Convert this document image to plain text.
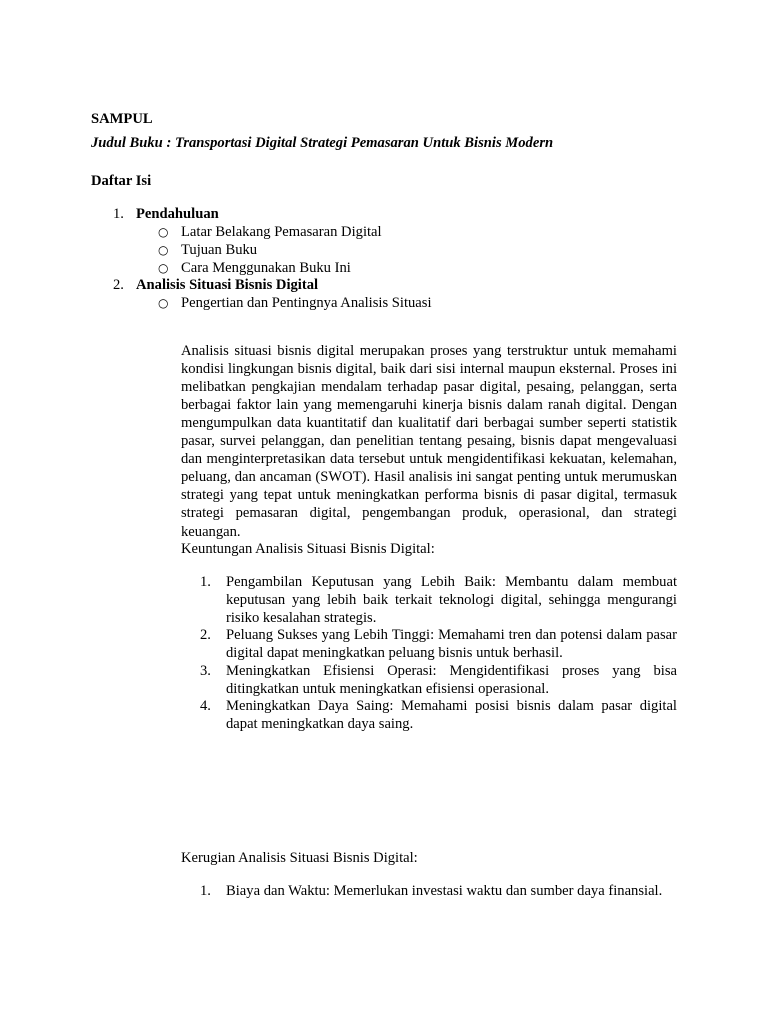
SAMPUL

Judul Buku : Transportasi Digital Strategi Pemasaran Untuk Bisnis Modern

Daftar Isi

1. Pendahuluan
○ Latar Belakang Pemasaran Digital
○ Tujuan Buku
○ Cara Menggunakan Buku Ini
2. Analisis Situasi Bisnis Digital
○ Pengertian dan Pentingnya Analisis Situasi

Analisis situasi bisnis digital merupakan proses yang terstruktur untuk memahami kondisi lingkungan bisnis digital, baik dari sisi internal maupun eksternal. Proses ini melibatkan pengkajian mendalam terhadap pasar digital, pesaing, pelanggan, serta berbagai faktor lain yang memengaruhi kinerja bisnis dalam ranah digital. Dengan mengumpulkan data kuantitatif dan kualitatif dari berbagai sumber seperti statistik pasar, survei pelanggan, dan penelitian tentang pesaing, bisnis dapat mengevaluasi dan menginterpretasikan data tersebut untuk mengidentifikasi kekuatan, kelemahan, peluang, dan ancaman (SWOT). Hasil analisis ini sangat penting untuk merumuskan strategi yang tepat untuk meningkatkan performa bisnis di pasar digital, termasuk strategi pemasaran digital, pengembangan produk, operasional, dan strategi keuangan.

Keuntungan Analisis Situasi Bisnis Digital:

1.	Pengambilan Keputusan yang Lebih Baik: Membantu dalam membuat keputusan yang lebih baik terkait teknologi digital, sehingga mengurangi risiko kesalahan strategis.
2.	Peluang Sukses yang Lebih Tinggi: Memahami tren dan potensi dalam pasar digital dapat meningkatkan peluang bisnis untuk berhasil.
3.	Meningkatkan Efisiensi Operasi: Mengidentifikasi proses yang bisa ditingkatkan untuk meningkatkan efisiensi operasional.
4.	Meningkatkan Daya Saing: Memahami posisi bisnis dalam pasar digital dapat meningkatkan daya saing.

Kerugian Analisis Situasi Bisnis Digital:

1.	Biaya dan Waktu: Memerlukan investasi waktu dan sumber daya finansial.
